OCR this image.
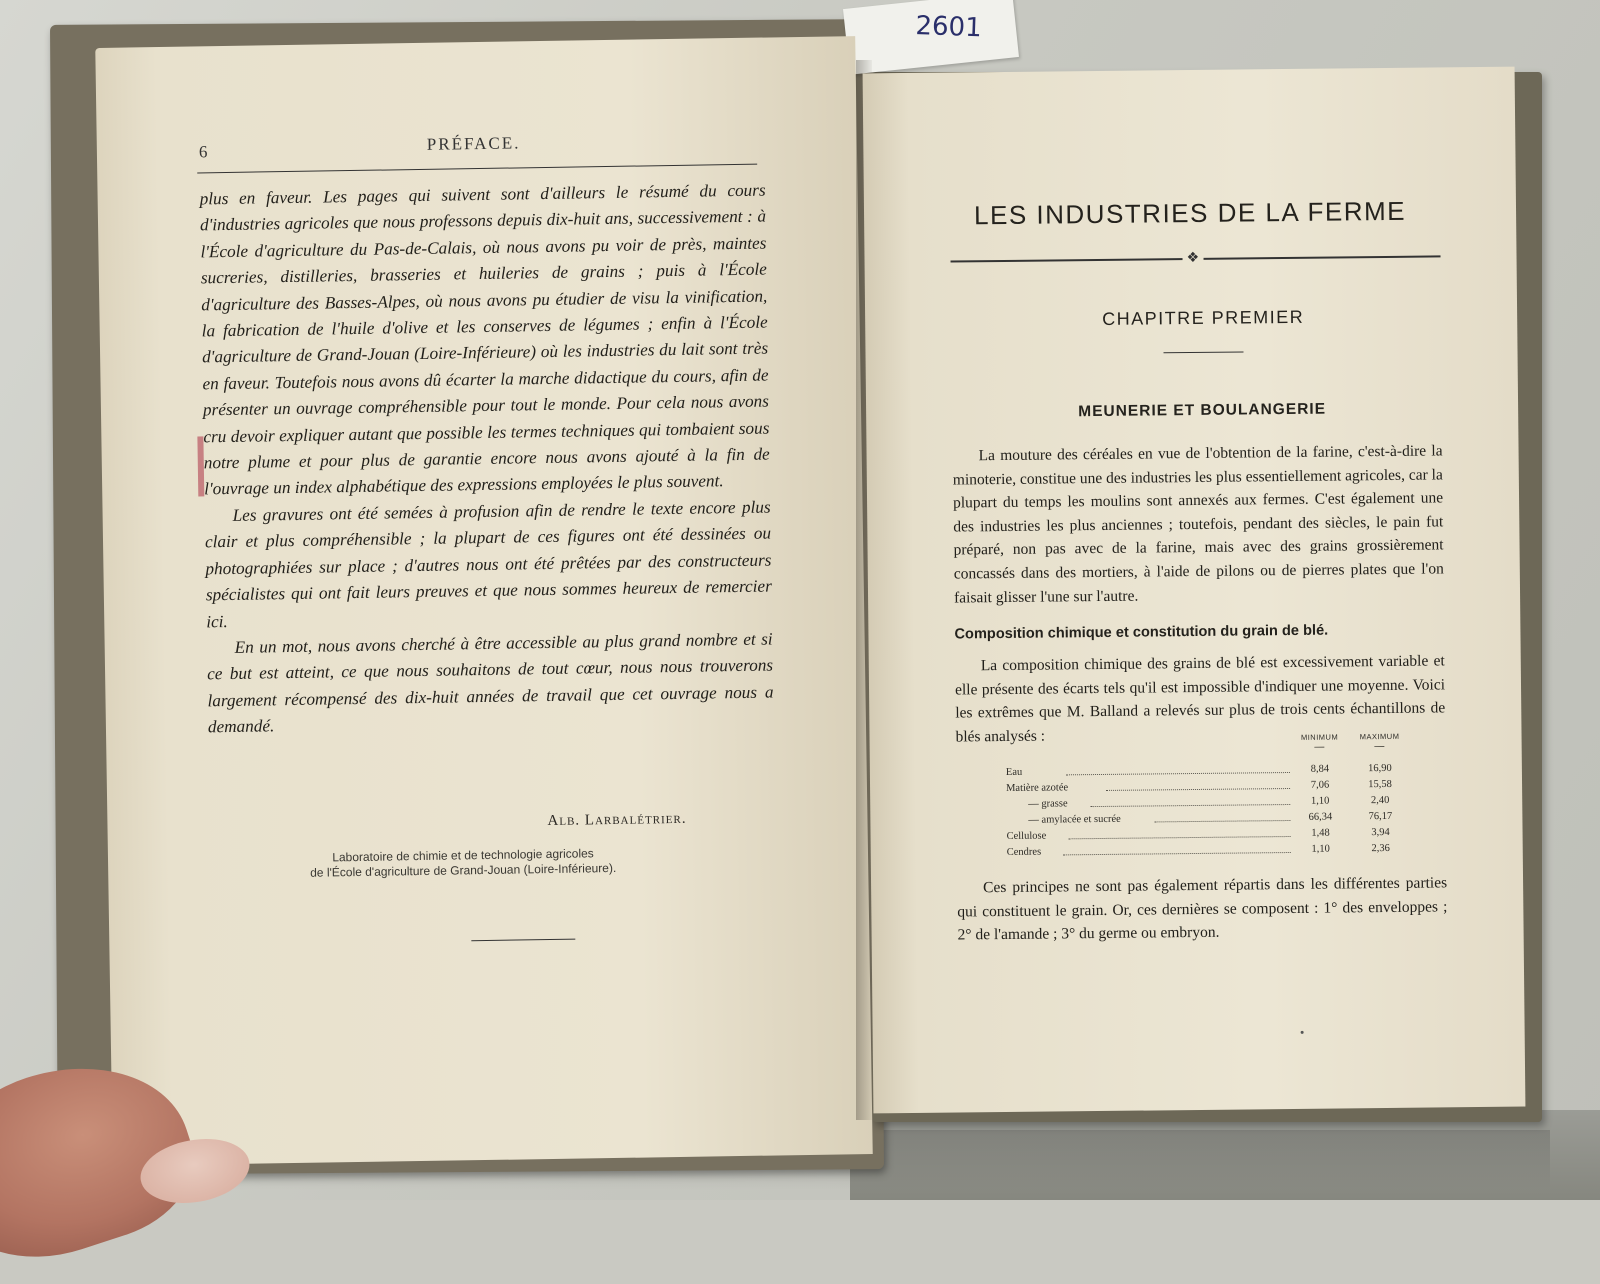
2601
6	PRÉFACE.

plus en faveur. Les pages qui suivent sont d'ailleurs le résumé du cours d'industries agricoles que nous professons depuis dix-huit ans, successivement : à l'École d'agriculture du Pas-de-Calais, où nous avons pu voir de près, maintes sucreries, distilleries, brasseries et huileries de grains ; puis à l'École d'agriculture des Basses-Alpes, où nous avons pu étudier de visu la vinification, la fabrication de l'huile d'olive et les conserves de légumes ; enfin à l'École d'agriculture de Grand-Jouan (Loire-Inférieure) où les industries du lait sont très en faveur. Toutefois nous avons dû écarter la marche didactique du cours, afin de présenter un ouvrage compréhensible pour tout le monde. Pour cela nous avons cru devoir expliquer autant que possible les termes techniques qui tombaient sous notre plume et pour plus de garantie encore nous avons ajouté à la fin de l'ouvrage un index alphabétique des expressions employées le plus souvent.

Les gravures ont été semées à profusion afin de rendre le texte encore plus clair et plus compréhensible ; la plupart de ces figures ont été dessinées ou photographiées sur place ; d'autres nous ont été prêtées par des constructeurs spécialistes qui ont fait leurs preuves et que nous sommes heureux de remercier ici.

En un mot, nous avons cherché à être accessible au plus grand nombre et si ce but est atteint, ce que nous souhaitons de tout cœur, nous nous trouverons largement récompensé des dix-huit années de travail que cet ouvrage nous a demandé.

Alb. Larbalétrier.
Laboratoire de chimie et de technologie agricoles
de l'École d'agriculture de Grand-Jouan (Loire-Inférieure).
LES INDUSTRIES DE LA FERME
❖
CHAPITRE PREMIER
MEUNERIE ET BOULANGERIE

La mouture des céréales en vue de l'obtention de la farine, c'est-à-dire la minoterie, constitue une des industries les plus essentiellement agricoles, car la plupart du temps les moulins sont annexés aux fermes. C'est également une des industries les plus anciennes ; toutefois, pendant des siècles, le pain fut préparé, non pas avec de la farine, mais avec des grains grossièrement concassés dans des mortiers, à l'aide de pilons ou de pierres plates que l'on faisait glisser l'une sur l'autre.

Composition chimique et constitution du grain de blé.

La composition chimique des grains de blé est excessivement variable et elle présente des écarts tels qu'il est impossible d'indiquer une moyenne. Voici les extrêmes que M. Balland a relevés sur plus de trois cents échantillons de blés analysés :	MINIMUM	MAXIMUM
—	—
Eau	8,84	16,90
Matière azotée	7,06	15,58
— grasse	1,10	2,40
— amylacée et sucrée	66,34	76,17
Cellulose	1,48	3,94
Cendres	1,10	2,36

Ces principes ne sont pas également répartis dans les différentes parties qui constituent le grain. Or, ces dernières se composent : 1° des enveloppes ; 2° de l'amande ; 3° du germe ou embryon.
